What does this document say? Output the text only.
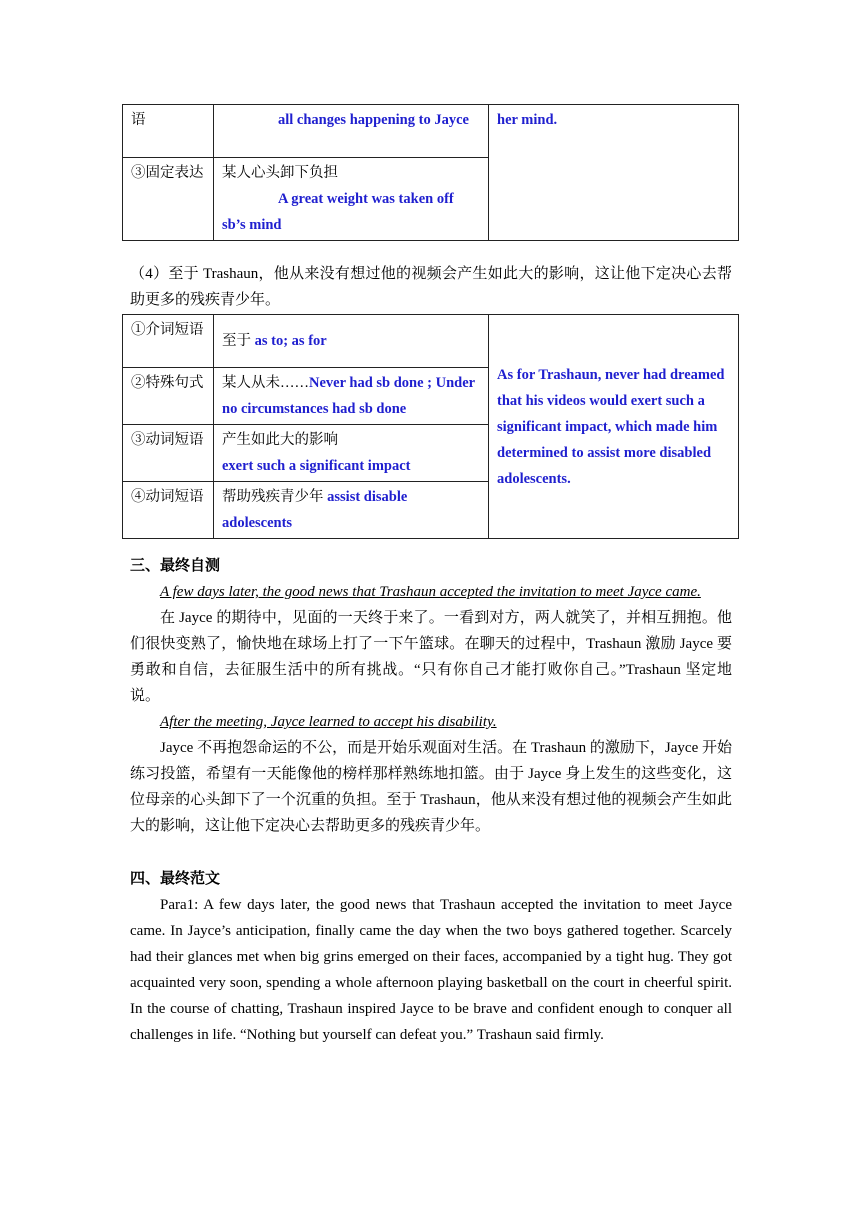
语	all changes happening to Jayce	her mind.
③固定表达	某人心头卸下负担
A great weight was taken off sb’s mind	

（4）至于 Trashaun，他从来没有想过他的视频会产生如此大的影响，这让他下定决心去帮助更多的残疾青少年。

①介词短语	至于 as to; as for	As for Trashaun, never had dreamed that his videos would exert such a significant impact, which made him determined to assist more disabled adolescents.
②特殊句式	某人从未……Never had sb done ; Under no circumstances had sb done	
③动词短语	产生如此大的影响
exert such a significant impact	
④动词短语	帮助残疾青少年 assist disable adolescents	

三、最终自测

A few days later, the good news that Trashaun accepted the invitation to meet Jayce came.

在 Jayce 的期待中，见面的一天终于来了。一看到对方，两人就笑了，并相互拥抱。他们很快变熟了，愉快地在球场上打了一下午篮球。在聊天的过程中，Trashaun 激励 Jayce 要勇敢和自信，去征服生活中的所有挑战。“只有你自己才能打败你自己。”Trashaun 坚定地说。

After the meeting, Jayce learned to accept his disability.

Jayce 不再抱怨命运的不公，而是开始乐观面对生活。在 Trashaun 的激励下，Jayce 开始练习投篮，希望有一天能像他的榜样那样熟练地扣篮。由于 Jayce 身上发生的这些变化，这位母亲的心头卸下了一个沉重的负担。至于 Trashaun，他从来没有想过他的视频会产生如此大的影响，这让他下定决心去帮助更多的残疾青少年。

四、最终范文

Para1: A few days later, the good news that Trashaun accepted the invitation to meet Jayce came. In Jayce’s anticipation, finally came the day when the two boys gathered together. Scarcely had their glances met when big grins emerged on their faces, accompanied by a tight hug. They got acquainted very soon, spending a whole afternoon playing basketball on the court in cheerful spirit. In the course of chatting, Trashaun inspired Jayce to be brave and confident enough to conquer all challenges in life. “Nothing but yourself can defeat you.” Trashaun said firmly.
